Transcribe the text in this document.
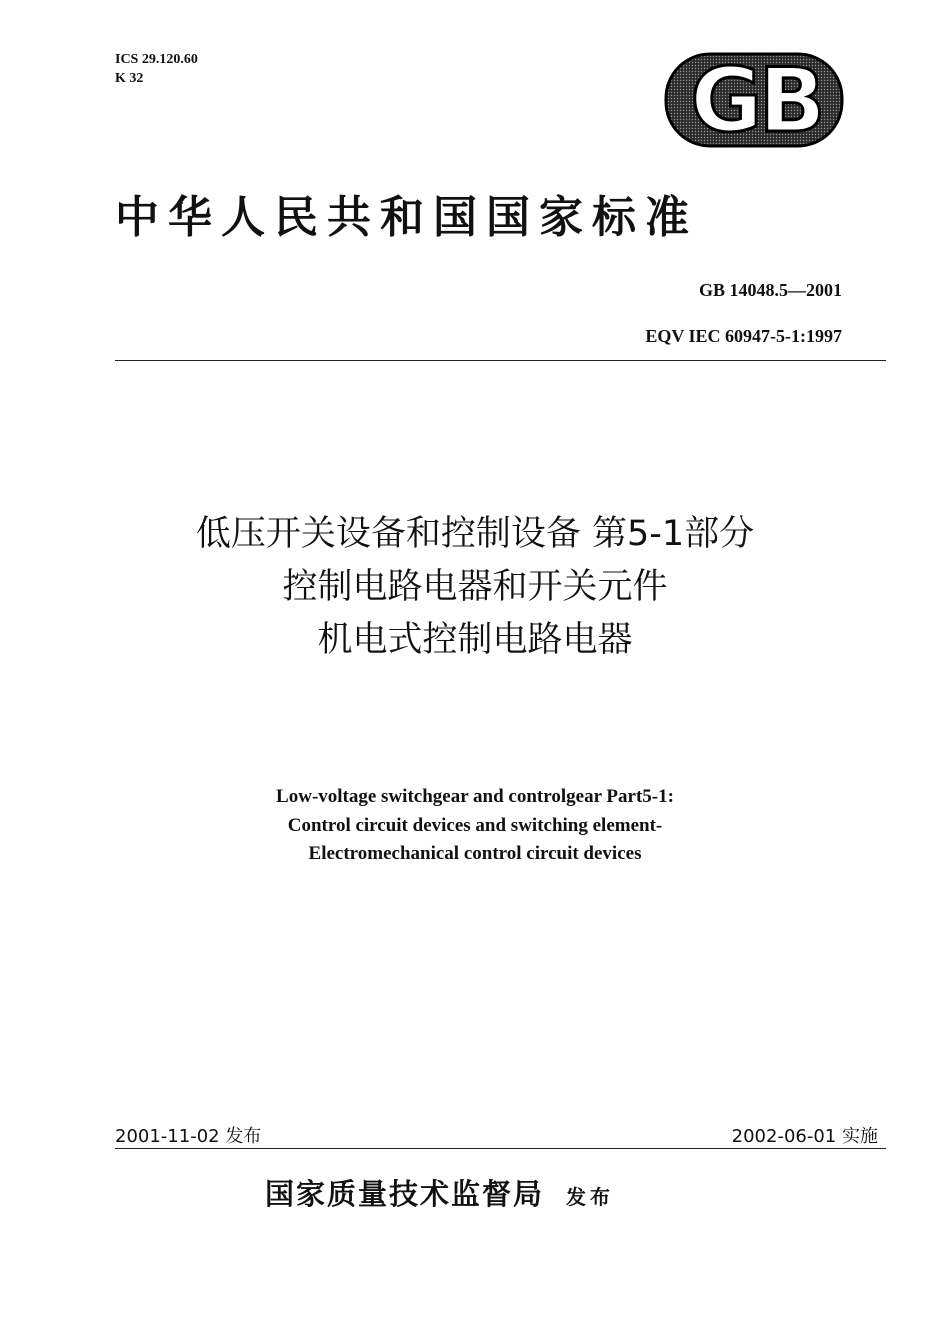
ICS 29.120.60
K 32	GB
中华人民共和国国家标准
GB 14048.5—2001
EQV IEC 60947-5-1:1997
低压开关设备和控制设备 第5-1部分
控制电路电器和开关元件
机电式控制电路电器
Low-voltage switchgear and controlgear Part5-1:
Control circuit devices and switching element-
Electromechanical control circuit devices
2001-11-02 发布	2002-06-01 实施
国家质量技术监督局 发布
